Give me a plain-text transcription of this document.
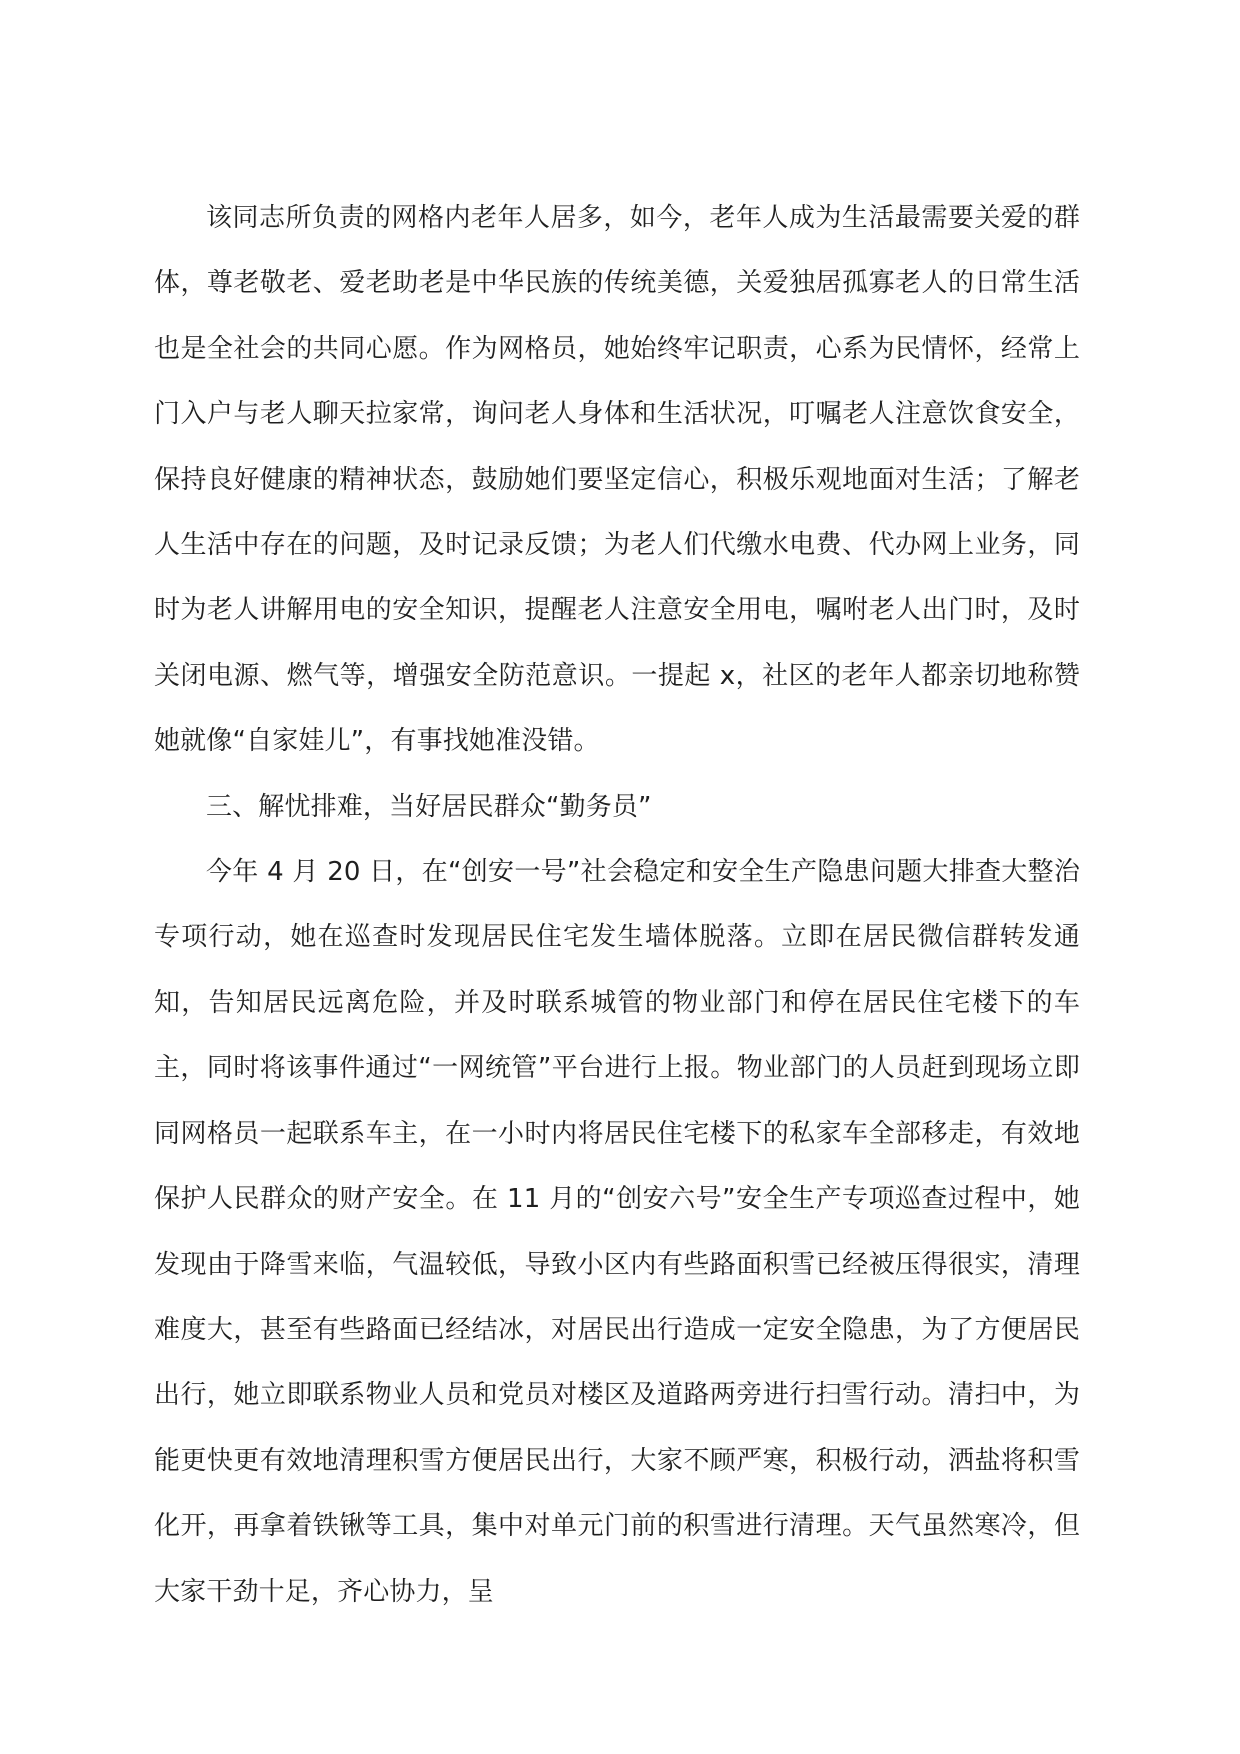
该同志所负责的网格内老年人居多，如今，老年人成为生活最需要关爱的群体，尊老敬老、爱老助老是中华民族的传统美德，关爱独居孤寡老人的日常生活也是全社会的共同心愿。作为网格员，她始终牢记职责，心系为民情怀，经常上门入户与老人聊天拉家常，询问老人身体和生活状况，叮嘱老人注意饮食安全，保持良好健康的精神状态，鼓励她们要坚定信心，积极乐观地面对生活；了解老人生活中存在的问题，及时记录反馈；为老人们代缴水电费、代办网上业务，同时为老人讲解用电的安全知识，提醒老人注意安全用电，嘱咐老人出门时，及时关闭电源、燃气等，增强安全防范意识。一提起 x，社区的老年人都亲切地称赞她就像“自家娃儿”，有事找她准没错。

三、解忧排难，当好居民群众“勤务员”

今年 4 月 20 日，在“创安一号”社会稳定和安全生产隐患问题大排查大整治专项行动，她在巡查时发现居民住宅发生墙体脱落。立即在居民微信群转发通知，告知居民远离危险，并及时联系城管的物业部门和停在居民住宅楼下的车主，同时将该事件通过“一网统管”平台进行上报。物业部门的人员赶到现场立即同网格员一起联系车主，在一小时内将居民住宅楼下的私家车全部移走，有效地保护人民群众的财产安全。在 11 月的“创安六号”安全生产专项巡查过程中，她发现由于降雪来临，气温较低，导致小区内有些路面积雪已经被压得很实，清理难度大，甚至有些路面已经结冰，对居民出行造成一定安全隐患，为了方便居民出行，她立即联系物业人员和党员对楼区及道路两旁进行扫雪行动。清扫中，为能更快更有效地清理积雪方便居民出行，大家不顾严寒，积极行动，洒盐将积雪化开，再拿着铁锹等工具，集中对单元门前的积雪进行清理。天气虽然寒冷，但大家干劲十足，齐心协力，呈
